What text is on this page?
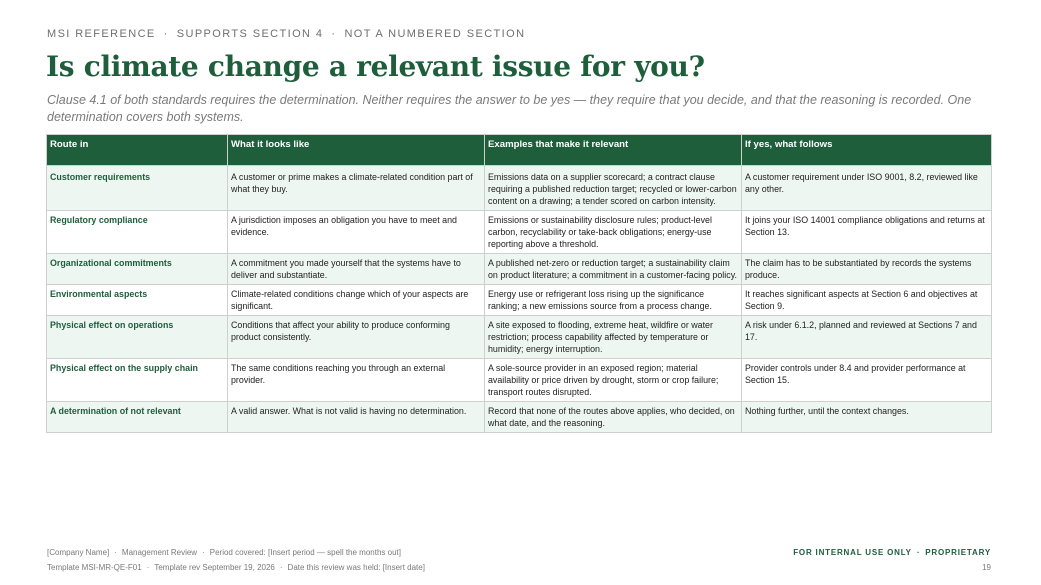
MSI REFERENCE · SUPPORTS SECTION 4 · NOT A NUMBERED SECTION
Is climate change a relevant issue for you?
Clause 4.1 of both standards requires the determination. Neither requires the answer to be yes — they require that you decide, and that the reasoning is recorded. One determination covers both systems.
Route in	What it looks like	Examples that make it relevant	If yes, what follows
Customer requirements	A customer or prime makes a climate-related condition part of what they buy.	Emissions data on a supplier scorecard; a contract clause requiring a published reduction target; recycled or lower-carbon content on a drawing; a tender scored on carbon intensity.	A customer requirement under ISO 9001, 8.2, reviewed like any other.
Regulatory compliance	A jurisdiction imposes an obligation you have to meet and evidence.	Emissions or sustainability disclosure rules; product-level carbon, recyclability or take-back obligations; energy-use reporting above a threshold.	It joins your ISO 14001 compliance obligations and returns at Section 13.
Organizational commitments	A commitment you made yourself that the systems have to deliver and substantiate.	A published net-zero or reduction target; a sustainability claim on product literature; a commitment in a customer-facing policy.	The claim has to be substantiated by records the systems produce.
Environmental aspects	Climate-related conditions change which of your aspects are significant.	Energy use or refrigerant loss rising up the significance ranking; a new emissions source from a process change.	It reaches significant aspects at Section 6 and objectives at Section 9.
Physical effect on operations	Conditions that affect your ability to produce conforming product consistently.	A site exposed to flooding, extreme heat, wildfire or water restriction; process capability affected by temperature or humidity; energy interruption.	A risk under 6.1.2, planned and reviewed at Sections 7 and 17.
Physical effect on the supply chain	The same conditions reaching you through an external provider.	A sole-source provider in an exposed region; material availability or price driven by drought, storm or crop failure; transport routes disrupted.	Provider controls under 8.4 and provider performance at Section 15.
A determination of not relevant	A valid answer. What is not valid is having no determination.	Record that none of the routes above applies, who decided, on what date, and the reasoning.	Nothing further, until the context changes.
[Company Name] · Management Review · Period covered: [Insert period — spell the months out]
Template MSI-MR-QE-F01 · Template rev September 19, 2026 · Date this review was held: [Insert date]
FOR INTERNAL USE ONLY · PROPRIETARY
19
